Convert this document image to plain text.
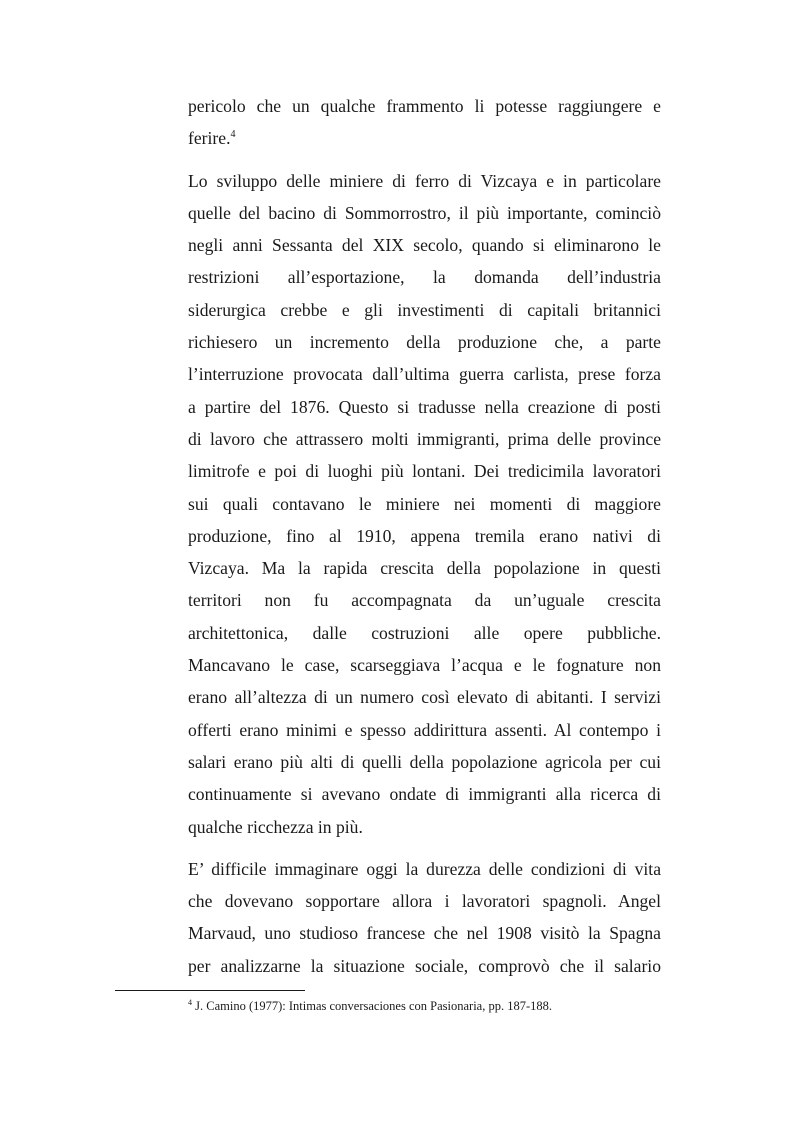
pericolo che un qualche frammento li potesse raggiungere e
ferire.$^4$

Lo sviluppo delle miniere di ferro di Vizcaya e in particolare
quelle del bacino di Sommorrostro, il più importante, cominciò
negli anni Sessanta del XIX secolo, quando si eliminarono le
restrizioni all’esportazione, la domanda dell’industria
siderurgica crebbe e gli investimenti di capitali britannici
richiesero un incremento della produzione che, a parte
l’interruzione provocata dall’ultima guerra carlista, prese forza
a partire del 1876. Questo si tradusse nella creazione di posti
di lavoro che attrassero molti immigranti, prima delle province
limitrofe e poi di luoghi più lontani. Dei tredicimila lavoratori
sui quali contavano le miniere nei momenti di maggiore
produzione, fino al 1910, appena tremila erano nativi di
Vizcaya. Ma la rapida crescita della popolazione in questi
territori non fu accompagnata da un’uguale crescita
architettonica, dalle costruzioni alle opere pubbliche.
Mancavano le case, scarseggiava l’acqua e le fognature non
erano all’altezza di un numero così elevato di abitanti. I servizi
offerti erano minimi e spesso addirittura assenti. Al contempo i
salari erano più alti di quelli della popolazione agricola per cui
continuamente si avevano ondate di immigranti alla ricerca di
qualche ricchezza in più.

E’ difficile immaginare oggi la durezza delle condizioni di vita
che dovevano sopportare allora i lavoratori spagnoli. Angel
Marvaud, uno studioso francese che nel 1908 visitò la Spagna
per analizzarne la situazione sociale, comprovò che il salario

$^4$ J. Camino (1977): Intimas conversaciones con Pasionaria, pp. 187-188.
